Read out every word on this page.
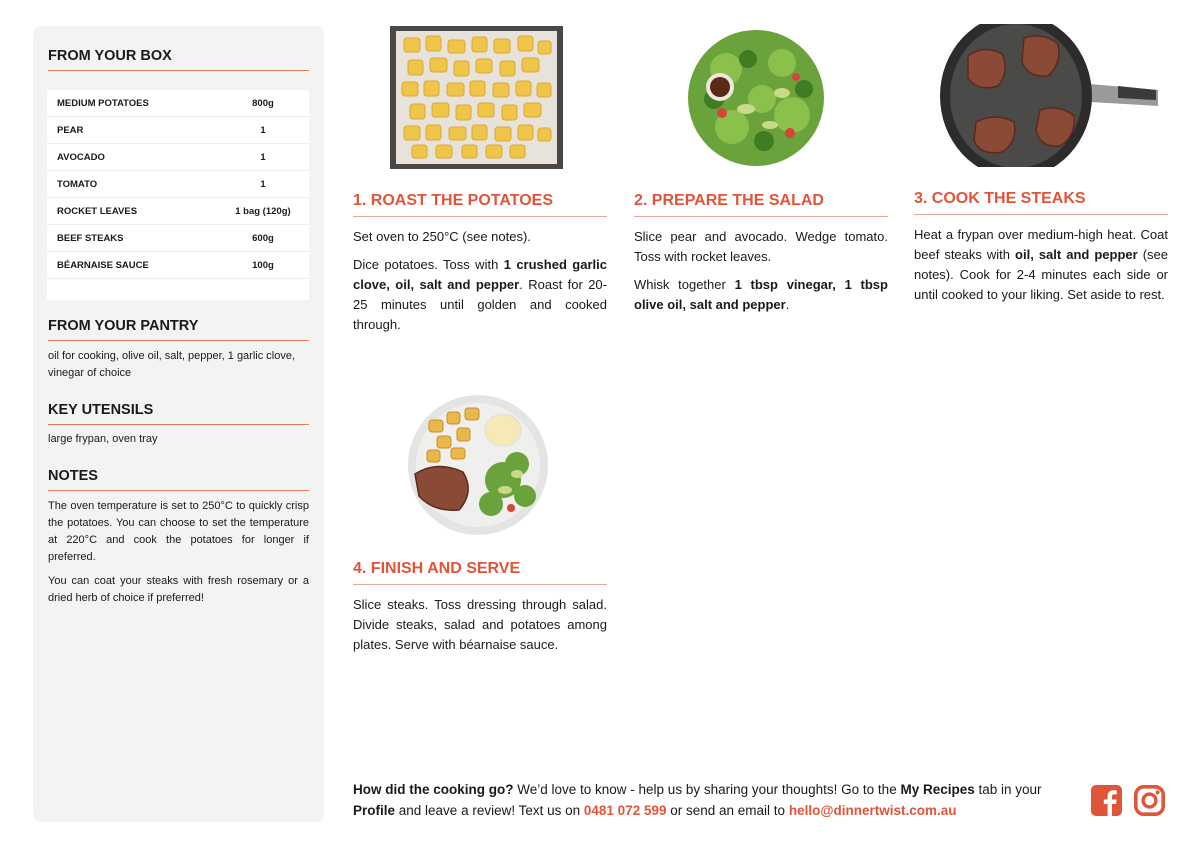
FROM YOUR BOX
MEDIUM POTATOES	800g
PEAR	1
AVOCADO	1
TOMATO	1
ROCKET LEAVES	1 bag (120g)
BEEF STEAKS	600g
BÉARNAISE SAUCE	100g
FROM YOUR PANTRY

oil for cooking, olive oil, salt, pepper, 1 garlic clove, vinegar of choice

KEY UTENSILS

large frypan, oven tray

NOTES

The oven temperature is set to 250°C to quickly crisp the potatoes. You can choose to set the temperature at 220°C and cook the potatoes for longer if preferred.

You can coat your steaks with fresh rosemary or a dried herb of choice if preferred!

1. ROAST THE POTATOES

Set oven to 250°C (see notes).

Dice potatoes. Toss with 1 crushed garlic clove, oil, salt and pepper. Roast for 20-25 minutes until golden and cooked through.

2. PREPARE THE SALAD

Slice pear and avocado. Wedge tomato. Toss with rocket leaves.

Whisk together 1 tbsp vinegar, 1 tbsp olive oil, salt and pepper.

3. COOK THE STEAKS

Heat a frypan over medium-high heat. Coat beef steaks with oil, salt and pepper (see notes). Cook for 2-4 minutes each side or until cooked to your liking. Set aside to rest.

4. FINISH AND SERVE

Slice steaks. Toss dressing through salad. Divide steaks, salad and potatoes among plates. Serve with béarnaise sauce.

How did the cooking go? We’d love to know - help us by sharing your thoughts! Go to the My Recipes tab in your Profile and leave a review! Text us on 0481 072 599 or send an email to hello@dinnertwist.com.au
